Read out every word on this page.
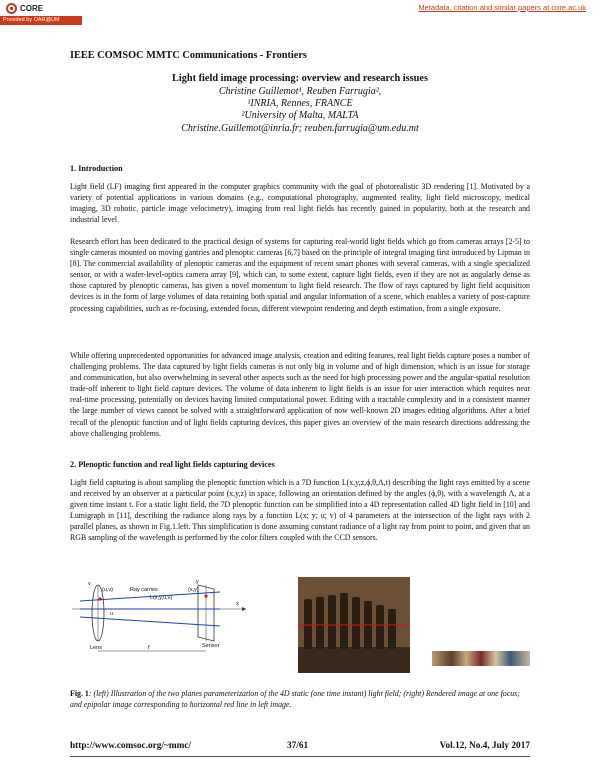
CORE
Provided by OAR@UM
Metadata, citation and similar papers at core.ac.uk
IEEE COMSOC MMTC Communications - Frontiers
Light field image processing: overview and research issues
Christine Guillemot¹, Reuben Farrugia²,
¹INRIA, Rennes, FRANCE
²University of Malta, MALTA
Christine.Guillemot@inria.fr; reuben.farrugia@um.edu.mt
1. Introduction

Light field (LF) imaging first appeared in the computer graphics community with the goal of photorealistic 3D rendering [1]. Motivated by a variety of potential applications in various domains (e.g., computational photography, augmented reality, light field microscopy, medical imaging, 3D robotic, particle image velocimetry), imaging from real light fields has recently gained in popularity, both at the research and industrial level.

Research effort has been dedicated to the practical design of systems for capturing real-world light fields which go from cameras arrays [2-5] to single cameras mounted on moving gantries and plenoptic cameras [6,7] based on the principle of integral imaging first introduced by Lipman in [8]. The commercial availability of plenoptic cameras and the equipment of recent smart phones with several cameras, with a single specialized sensor, or with a wafer-level-optics camera array [9], which can, to some extent, capture light fields, even if they are not as angularly dense as those captured by plenoptic cameras, has given a novel momentum to light field research. The flow of rays captured by light field acquisition devices is in the form of large volumes of data retaining both spatial and angular information of a scene, which enables a variety of post-capture processing capabilities, such as re-focusing, extended focus, different viewpoint rendering and depth estimation, from a single exposure.

While offering unprecedented opportunities for advanced image analysis, creation and editing features, real light fields capture poses a number of challenging problems. The data captured by light fields cameras is not only big in volume and of high dimension, which is an issue for storage and communication, but also overwhelming in several other aspects such as the need for high processing power and the angular-spatial resolution trade-off inherent to light field capture devices. The volume of data inherent to light fields is an issue for user interaction which requires near real-time processing, potentially on devices having limited computational power. Editing with a tractable complexity and in a consistent manner the large number of views cannot be solved with a straightforward application of now well-known 2D images editing algorithms. After a brief recall of the plenoptic function and of light fields capturing devices, this paper gives an overview of the main research directions addressing the above challenging problems.

2. Plenoptic function and real light fields capturing devices

Light field capturing is about sampling the plenoptic function which is a 7D function L(x,y,z,ϕ,θ,Λ,t) describing the light rays emitted by a scene and received by an observer at a particular point (x,y,z) in space, following an orientation defined by the angles (ϕ,θ), with a wavelength Λ, at a given time instant t. For a static light field, the 7D plenoptic function can be simplified into a 4D representation called 4D light field in [10] and Lumigraph in [11], describing the radiance along rays by a function L(x; y; u; v) of 4 parameters at the intersection of the light rays with 2 parallel planes, as shown in Fig.1.left. This simplification is done assuming constant radiance of a light ray from point to point, and given that an RGB sampling of the wavelength is performed by the color filters coupled with the CCD sensors.

v
(u,v)	Ray carries
L(x,y,u,v)
y
(x,y)
u
x
Lens	Sensor
f
Fig. 1: (left) Illustration of the two planes parameterization of the 4D static (one time instant) light field; (right) Rendered image at one focus; and epipolar image corresponding to horizontal red line in left image.
http://www.comsoc.org/~mmc/	37/61	Vol.12, No.4, July 2017
